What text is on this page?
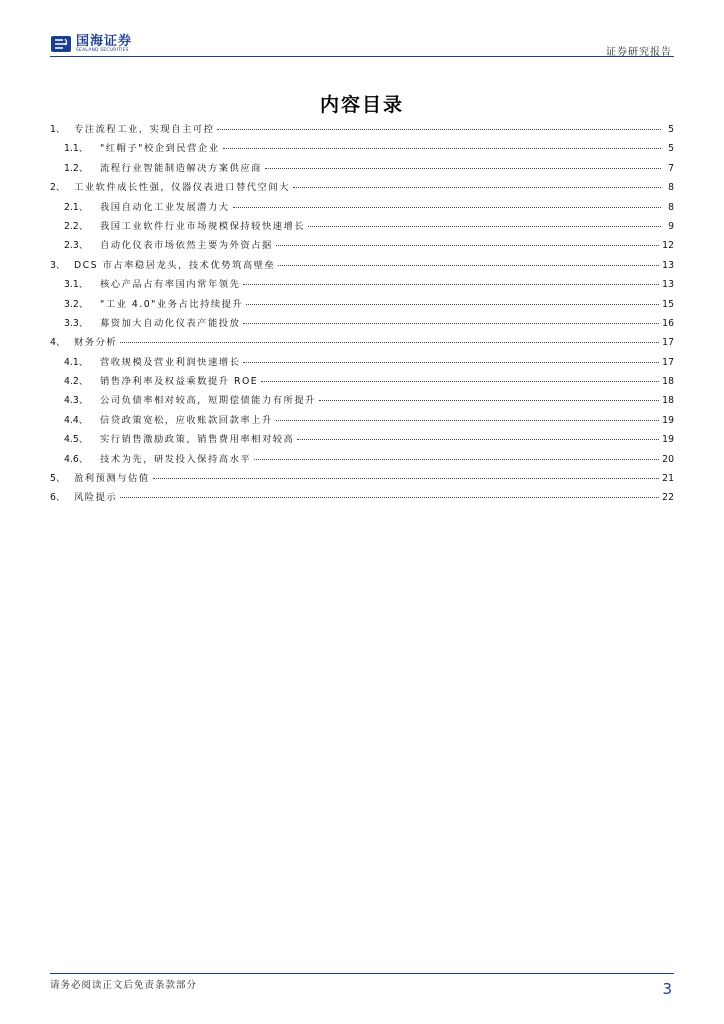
国海证券
SEALAND SECURITIES	证券研究报告
内容目录
1、 专注流程工业，实现自主可控	5
1.1、	"红帽子"校企到民营企业	5
1.2、	流程行业智能制造解决方案供应商	7
2、 工业软件成长性强，仪器仪表进口替代空间大	8
2.1、	我国自动化工业发展潜力大	8
2.2、	我国工业软件行业市场规模保持较快速增长	9
2.3、	自动化仪表市场依然主要为外资占据	12
3、 DCS 市占率稳居龙头，技术优势筑高壁垒	13
3.1、	核心产品占有率国内常年领先	13
3.2、	"工业 4.0"业务占比持续提升	15
3.3、	募资加大自动化仪表产能投放	16
4、 财务分析	17
4.1、	营收规模及营业利润快速增长	17
4.2、	销售净利率及权益乘数提升 ROE	18
4.3、	公司负债率相对较高，短期偿债能力有所提升	18
4.4、	信贷政策宽松，应收账款回款率上升	19
4.5、	实行销售激励政策，销售费用率相对较高	19
4.6、	技术为先，研发投入保持高水平	20
5、 盈利预测与估值	21
6、 风险提示	22
请务必阅读正文后免责条款部分	3
